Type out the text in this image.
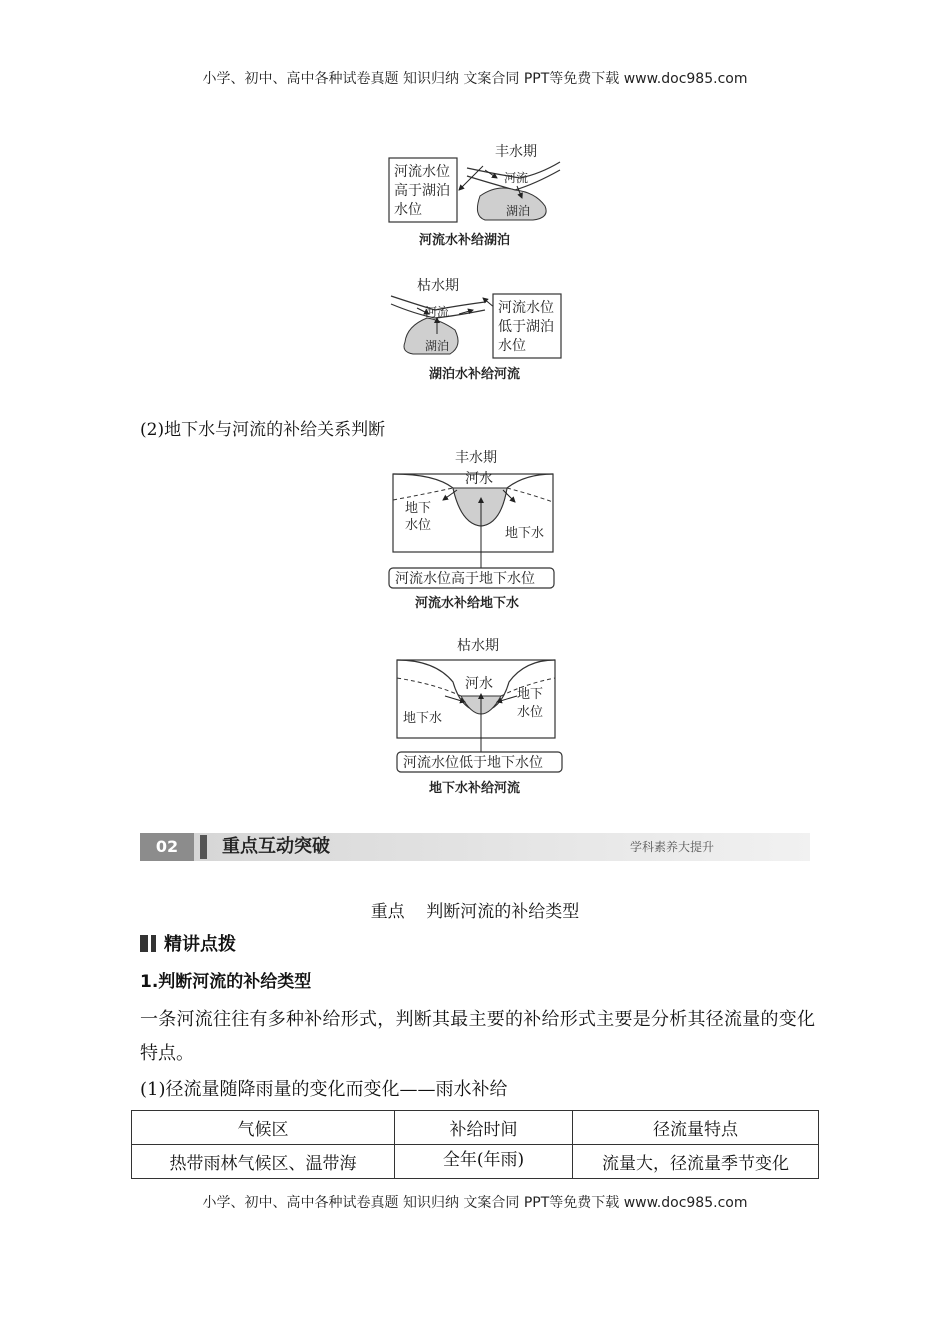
小学、初中、高中各种试卷真题 知识归纳 文案合同 PPT等免费下载 www.doc985.com
丰水期
河流
湖泊
河流水位
高于湖泊
水位
河流水补给湖泊
枯水期
河流
湖泊
河流水位
低于湖泊
水位
湖泊水补给河流
(2)地下水与河流的补给关系判断
丰水期
河水
地下
水位
地下水
河流水位高于地下水位
河流水补给地下水
枯水期
河水
地下水
地下
水位
河流水位低于地下水位
地下水补给河流
02	重点互动突破	学科素养大提升
重点    判断河流的补给类型
精讲点拨
1.判断河流的补给类型
一条河流往往有多种补给形式，判断其最主要的补给形式主要是分析其径流量的变化特点。
(1)径流量随降雨量的变化而变化——雨水补给
气候区	补给时间	径流量特点
热带雨林气候区、温带海	全年(年雨)	流量大，径流量季节变化
小学、初中、高中各种试卷真题 知识归纳 文案合同 PPT等免费下载 www.doc985.com
